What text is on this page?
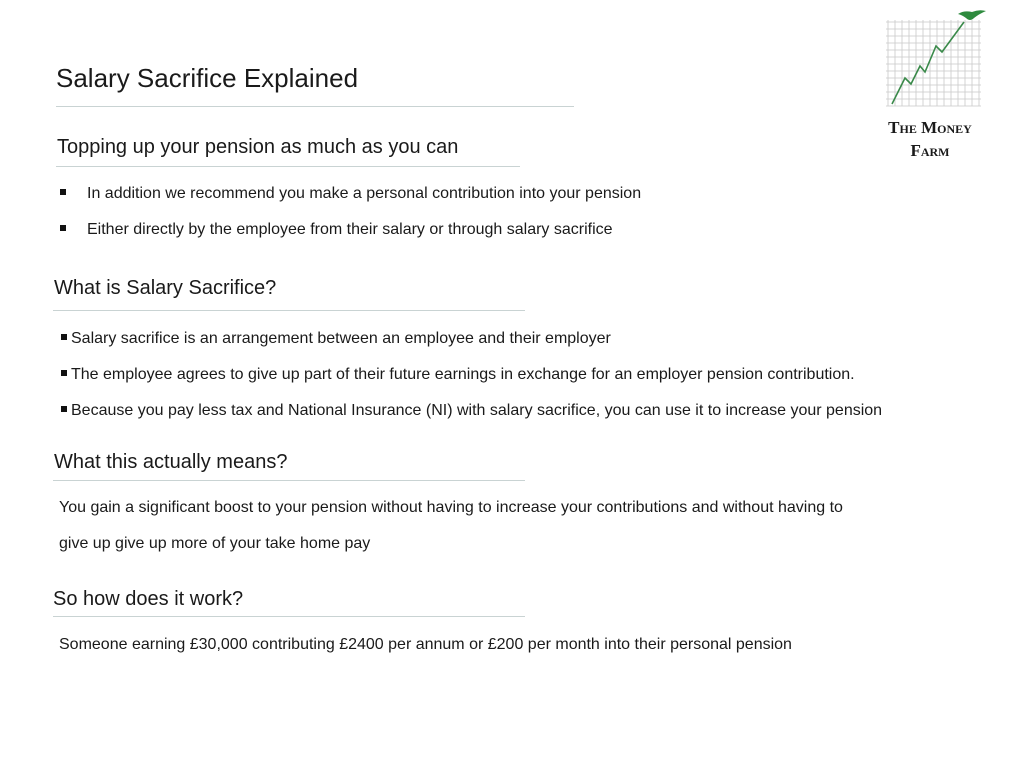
Salary Sacrifice Explained
The Money
Farm
Topping up your pension as much as you can
In addition we recommend you make a personal contribution into your pension
Either directly by the employee from their salary or through salary sacrifice
What is Salary Sacrifice?
Salary sacrifice is an arrangement between an employee and their employer
The employee agrees to give up part of their future earnings in exchange for an employer pension contribution.
Because you pay less tax and National Insurance (NI) with salary sacrifice, you can use it to increase your pension
What this actually means?
You gain a significant boost to your pension without having to increase your contributions and without having to
give up give up more of your take home pay
So how does it work?
Someone earning £30,000 contributing £2400 per annum or £200 per month into their personal pension
